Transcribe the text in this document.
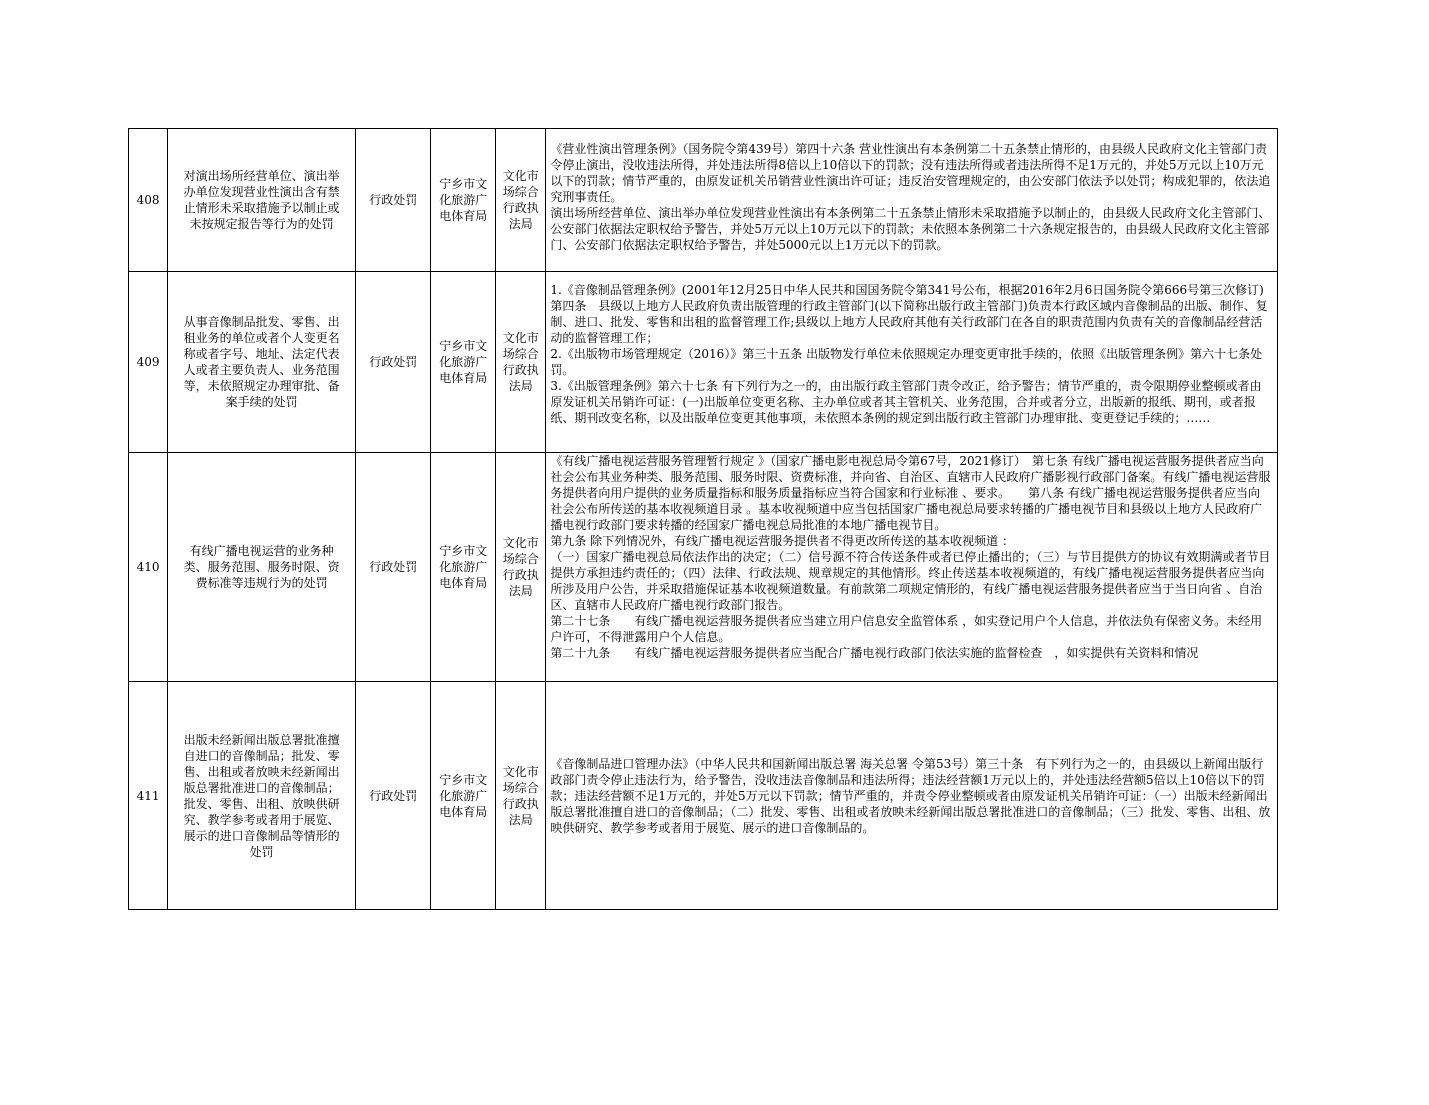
408	对演出场所经营单位、演出举办单位发现营业性演出含有禁止情形未采取措施予以制止或未按规定报告等行为的处罚	行政处罚	宁乡市文化旅游广电体育局	文化市场综合行政执法局	《营业性演出管理条例》（国务院令第439号）第四十六条 营业性演出有本条例第二十五条禁止情形的，由县级人民政府文化主管部门责令停止演出，没收违法所得，并处违法所得8倍以上10倍以下的罚款；没有违法所得或者违法所得不足1万元的，并处5万元以上10万元以下的罚款；情节严重的，由原发证机关吊销营业性演出许可证；违反治安管理规定的，由公安部门依法予以处罚；构成犯罪的，依法追究刑事责任。
演出场所经营单位、演出举办单位发现营业性演出有本条例第二十五条禁止情形未采取措施予以制止的，由县级人民政府文化主管部门、公安部门依据法定职权给予警告，并处5万元以上10万元以下的罚款；未依照本条例第二十六条规定报告的，由县级人民政府文化主管部门、公安部门依据法定职权给予警告，并处5000元以上1万元以下的罚款。

409	从事音像制品批发、零售、出租业务的单位或者个人变更名称或者字号、地址、法定代表人或者主要负责人、业务范围等，未依照规定办理审批、备案手续的处罚	行政处罚	宁乡市文化旅游广电体育局	文化市场综合行政执法局	1.《音像制品管理条例》(2001年12月25日中华人民共和国国务院令第341号公布，根据2016年2月6日国务院令第666号第三次修订)第四条　县级以上地方人民政府负责出版管理的行政主管部门(以下简称出版行政主管部门)负责本行政区域内音像制品的出版、制作、复制、进口、批发、零售和出租的监督管理工作;县级以上地方人民政府其他有关行政部门在各自的职责范围内负责有关的音像制品经营活动的监督管理工作；
2.《出版物市场管理规定（2016）》第三十五条 出版物发行单位未依照规定办理变更审批手续的，依照《出版管理条例》第六十七条处罚。
3.《出版管理条例》第六十七条 有下列行为之一的，由出版行政主管部门责令改正，给予警告；情节严重的，责令限期停业整顿或者由原发证机关吊销许可证：(一)出版单位变更名称、主办单位或者其主管机关、业务范围，合并或者分立，出版新的报纸、期刊，或者报纸、期刊改变名称，以及出版单位变更其他事项，未依照本条例的规定到出版行政主管部门办理审批、变更登记手续的；……

410	有线广播电视运营的业务种类、服务范围、服务时限、资费标准等违规行为的处罚	行政处罚	宁乡市文化旅游广电体育局	文化市场综合行政执法局	《有线广播电视运营服务管理暂行规定 》（国家广播电影电视总局令第67号，2021修订）　第七条 有线广播电视运营服务提供者应当向社会公布其业务种类、服务范围、服务时限、资费标准，并向省、自治区、直辖市人民政府广播影视行政部门备案。有线广播电视运营服务提供者向用户提供的业务质量指标和服务质量指标应当符合国家和行业标准 、要求。　　第八条 有线广播电视运营服务提供者应当向社会公布所传送的基本收视频道目录 。基本收视频道中应当包括国家广播电视总局要求转播的广播电视节目和县级以上地方人民政府广播电视行政部门要求转播的经国家广播电视总局批准的本地广播电视节目。
第九条 除下列情况外，有线广播电视运营服务提供者不得更改所传送的基本收视频道 ：
（一）国家广播电视总局依法作出的决定；（二）信号源不符合传送条件或者已停止播出的；（三）与节目提供方的协议有效期满或者节目提供方承担违约责任的；（四）法律、行政法规、规章规定的其他情形。终止传送基本收视频道的，有线广播电视运营服务提供者应当向所涉及用户公告，并采取措施保证基本收视频道数量。有前款第二项规定情形的，有线广播电视运营服务提供者应当于当日向省 、自治区、直辖市人民政府广播电视行政部门报告。
第二十七条　　有线广播电视运营服务提供者应当建立用户信息安全监管体系 ，如实登记用户个人信息，并依法负有保密义务。未经用户许可，不得泄露用户个人信息。
第二十九条　　有线广播电视运营服务提供者应当配合广播电视行政部门依法实施的监督检查　，如实提供有关资料和情况

411	出版未经新闻出版总署批准擅自进口的音像制品；批发、零售、出租或者放映未经新闻出版总署批准进口的音像制品；批发、零售、出租、放映供研究、教学参考或者用于展览、展示的进口音像制品等情形的处罚	行政处罚	宁乡市文化旅游广电体育局	文化市场综合行政执法局	《音像制品进口管理办法》（中华人民共和国新闻出版总署 海关总署 令第53号）第三十条　有下列行为之一的，由县级以上新闻出版行政部门责令停止违法行为，给予警告，没收违法音像制品和违法所得；违法经营额1万元以上的，并处违法经营额5倍以上10倍以下的罚款；违法经营额不足1万元的，并处5万元以下罚款；情节严重的，并责令停业整顿或者由原发证机关吊销许可证：（一）出版未经新闻出版总署批准擅自进口的音像制品；（二）批发、零售、出租或者放映未经新闻出版总署批准进口的音像制品；（三）批发、零售、出租、放映供研究、教学参考或者用于展览、展示的进口音像制品的。
